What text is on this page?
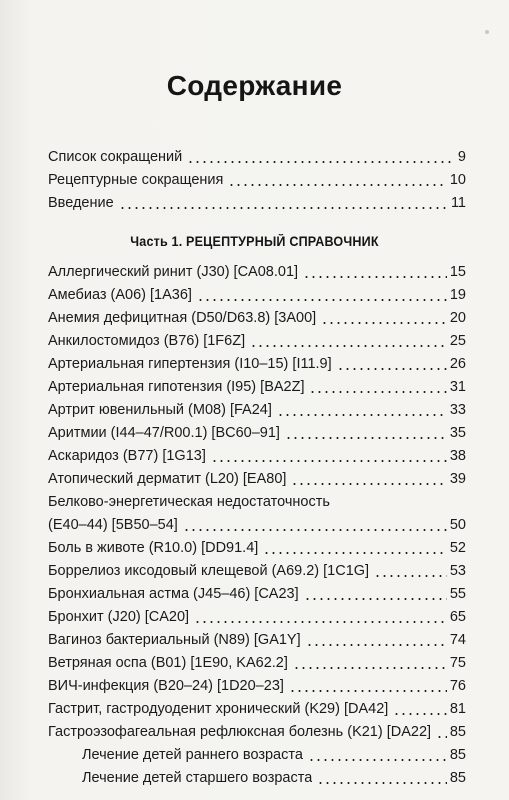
Содержание
Список сокращений	9
Рецептурные сокращения	10
Введение	11
Часть 1. РЕЦЕПТУРНЫЙ СПРАВОЧНИК
Аллергический ринит (J30) [CA08.01]	15
Амебиаз (A06) [1A36]	19
Анемия дефицитная (D50/D63.8) [3A00]	20
Анкилостомидоз (B76) [1F6Z]	25
Артериальная гипертензия (I10–15) [I11.9]	26
Артериальная гипотензия (I95) [BA2Z]	31
Артрит ювенильный (M08) [FA24]	33
Аритмии (I44–47/R00.1) [BC60–91]	35
Аскаридоз (B77) [1G13]	38
Атопический дерматит (L20) [EA80]	39
Белково-энергетическая недостаточность
(E40–44) [5B50–54]	50
Боль в животе (R10.0) [DD91.4]	52
Боррелиоз иксодовый клещевой (A69.2) [1C1G]	53
Бронхиальная астма (J45–46) [CA23]	55
Бронхит (J20) [CA20]	65
Вагиноз бактериальный (N89) [GA1Y]	74
Ветряная оспа (B01) [1E90, KA62.2]	75
ВИЧ-инфекция (B20–24) [1D20–23]	76
Гастрит, гастродуоденит хронический (K29) [DA42]	81
Гастроэзофагеальная рефлюксная болезнь (K21) [DA22] 85
Лечение детей раннего возраста	85
Лечение детей старшего возраста	85
